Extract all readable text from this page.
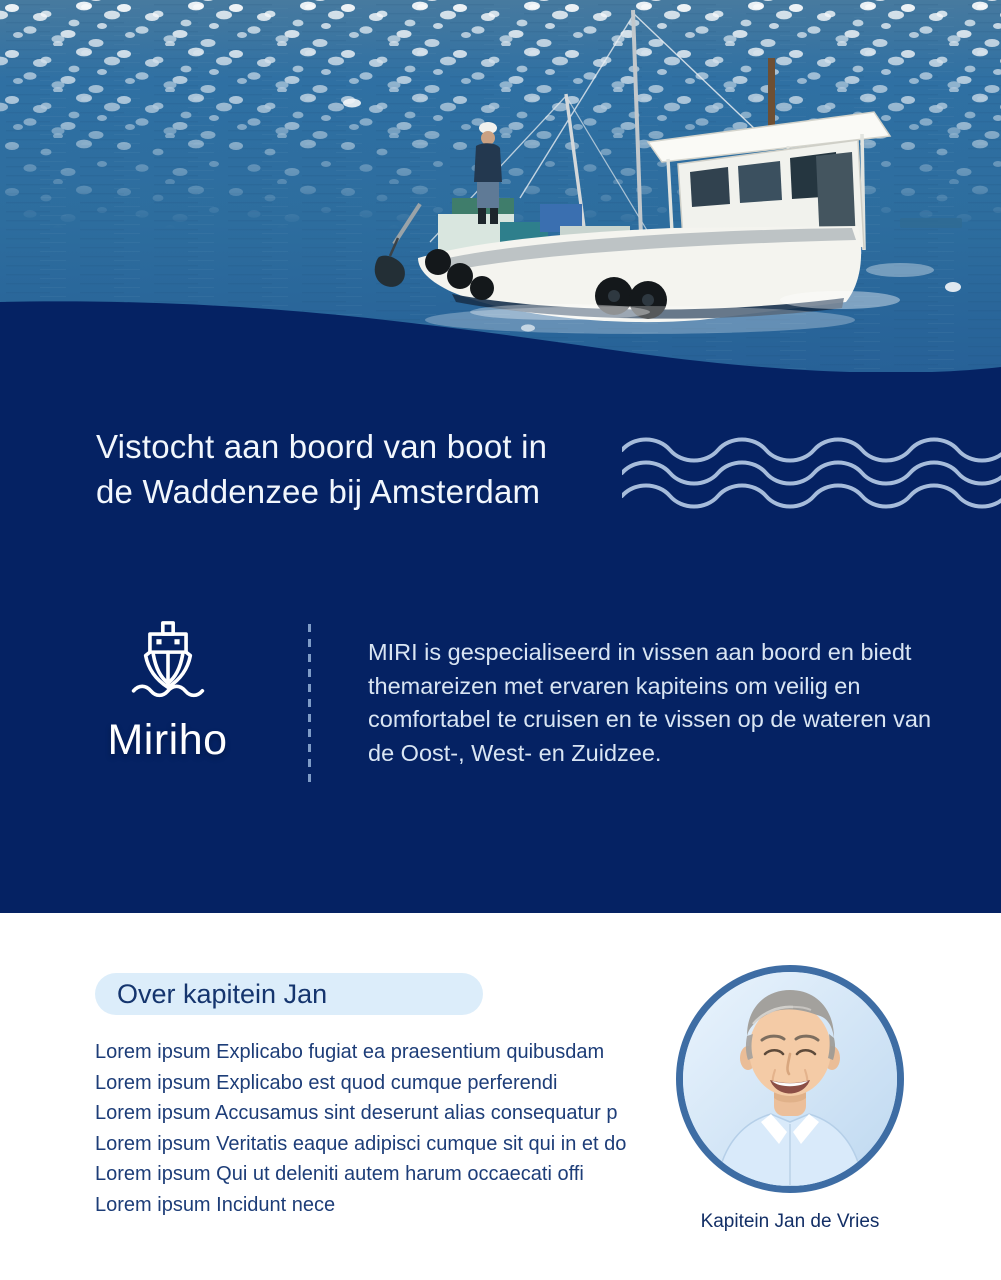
Vistocht aan boord van boot in
de Waddenzee bij Amsterdam
Miriho

MIRI is gespecialiseerd in vissen aan boord en biedt themareizen met ervaren kapiteins om veilig en comfortabel te cruisen en te vissen op de wateren van de Oost-, West- en Zuidzee.

Over kapitein Jan
Lorem ipsum Explicabo fugiat ea praesentium quibusdam
Lorem ipsum Explicabo est quod cumque perferendi
Lorem ipsum Accusamus sint deserunt alias consequatur p
Lorem ipsum Veritatis eaque adipisci cumque sit qui in et do
Lorem ipsum Qui ut deleniti autem harum occaecati offi
Lorem ipsum Incidunt nece
Kapitein Jan de Vries
